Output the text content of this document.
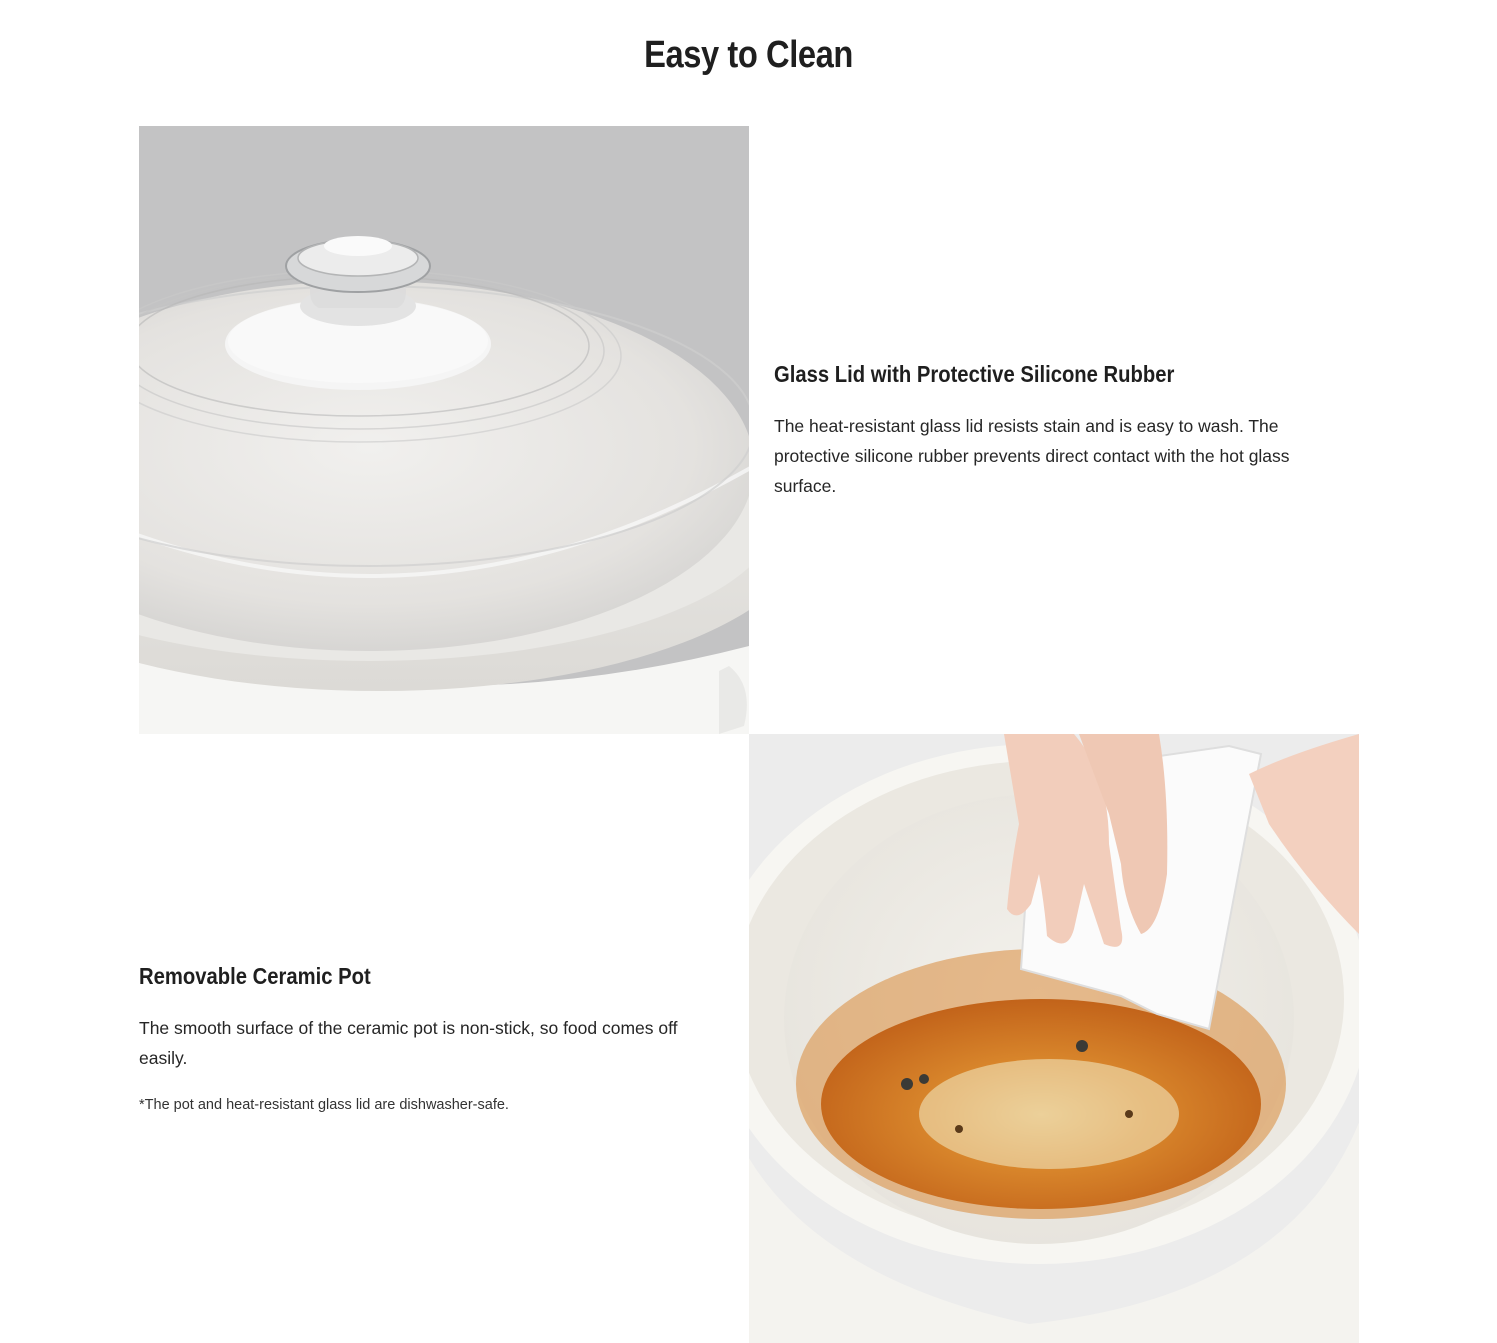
Easy to Clean
Glass Lid with Protective Silicone Rubber

The heat-resistant glass lid resists stain and is easy to wash. The protective silicone rubber prevents direct contact with the hot glass surface.

Removable Ceramic Pot

The smooth surface of the ceramic pot is non-stick, so food comes off easily.

*The pot and heat-resistant glass lid are dishwasher-safe.
